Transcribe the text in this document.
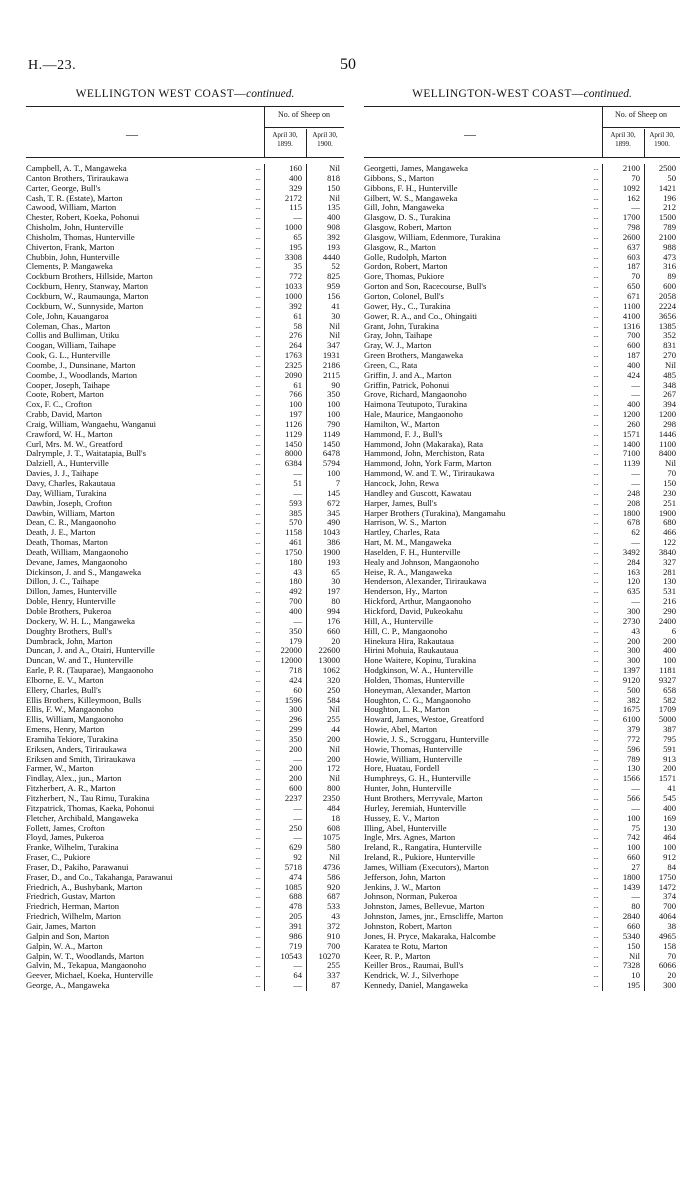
H.—23.	50
WELLINGTON WEST COAST—continued.
—
No. of Sheep on
April 30, 1899.
April 30, 1900.
Campbell, A. T., Mangaweka	...	160	Nil
Canton Brothers, Tiriraukawa	...	400	818
Carter, George, Bull's	...	329	150
Cash, T. R. (Estate), Marton	...	2172	Nil
Cawood, William, Marton	...	115	135
Chester, Robert, Koeka, Pohonui	...	—	400
Chisholm, John, Hunterville	...	1000	908
Chisholm, Thomas, Hunterville	...	65	392
Chiverton, Frank, Marton	...	195	193
Chubbin, John, Hunterville	...	3308	4440
Clements, P. Mangaweka	...	35	52
Cockburn Brothers, Hillside, Marton	...	772	825
Cockburn, Henry, Stanway, Marton	...	1033	959
Cockburn, W., Raumaunga, Marton	...	1000	156
Cockburn, W., Sunnyside, Marton	...	392	41
Cole, John, Kauangaroa	...	61	30
Coleman, Chas., Marton	...	58	Nil
Collis and Bulliman, Utiku	...	276	Nil
Coogan, William, Taihape	...	264	347
Cook, G. L., Hunterville	...	1763	1931
Coombe, J., Dunsinane, Marton	...	2325	2186
Coombe, J., Woodlands, Marton	...	2090	2115
Cooper, Joseph, Taihape	...	61	90
Coote, Robert, Marton	...	766	350
Cox, F. C., Crofton	...	100	100
Crabb, David, Marton	...	197	100
Craig, William, Wangaehu, Wanganui	...	1126	790
Crawford, W. H., Marton	...	1129	1149
Curl, Mrs. M. W., Greatford	...	1450	1450
Dalrymple, J. T., Waitatapia, Bull's	...	8000	6478
Dalziell, A., Hunterville	...	6384	5794
Davies, J. J., Taihape	...	—	100
Davy, Charles, Rakautaua	...	51	7
Day, William, Turakina	...	—	145
Dawbin, Joseph, Crofton	...	593	672
Dawbin, William, Marton	...	385	345
Dean, C. R., Mangaonoho	...	570	490
Death, J. E., Marton	...	1158	1043
Death, Thomas, Marton	...	461	386
Death, William, Mangaonoho	...	1750	1900
Devane, James, Mangaonoho	...	180	193
Dickinson, J. and S., Mangaweka	...	43	65
Dillon, J. C., Taihape	...	180	30
Dillon, James, Hunterville	...	492	197
Doble, Henry, Hunterville	...	700	80
Doble Brothers, Pukeroa	...	400	994
Dockery, W. H. L., Mangaweka	...	—	176
Doughty Brothers, Bull's	...	350	660
Dumbrack, John, Marton	...	179	20
Duncan, J. and A., Otairi, Hunterville	...	22000	22600
Duncan, W. and T., Hunterville	...	12000	13000
Earle, P. R. (Tauparae), Mangaonoho	...	718	1062
Elborne, E. V., Marton	...	424	320
Ellery, Charles, Bull's	...	60	250
Ellis Brothers, Killeymoon, Bulls	...	1596	584
Ellis, F. W., Mangaonoho	...	300	Nil
Ellis, William, Mangaonoho	...	296	255
Emens, Henry, Marton	...	299	44
Eramiha Tekiore, Turakina	...	350	200
Eriksen, Anders, Tiriraukawa	...	200	Nil
Eriksen and Smith, Tiriraukawa	...	—	200
Farmer, W., Marton	...	200	172
Findlay, Alex., jun., Marton	...	200	Nil
Fitzherbert, A. R., Marton	...	600	800
Fitzherbert, N., Tau Rimu, Turakina	...	2237	2350
Fitzpatrick, Thomas, Kaeka, Pohonui	...	—	484
Fletcher, Archibald, Mangaweka	...	—	18
Follett, James, Crofton	...	250	608
Floyd, James, Pukeroa	...	—	1075
Franke, Wilhelm, Turakina	...	629	580
Fraser, C., Pukiore	...	92	Nil
Fraser, D., Pakiho, Parawanui	...	5718	4736
Fraser, D., and Co., Takahanga, Parawanui	...	474	586
Friedrich, A., Bushybank, Marton	...	1085	920
Friedrich, Gustav, Marton	...	688	687
Friedrich, Herman, Marton	...	478	533
Friedrich, Wilhelm, Marton	...	205	43
Gair, James, Marton	...	391	372
Galpin and Son, Marton	...	986	910
Galpin, W. A., Marton	...	719	700
Galpin, W. T., Woodlands, Marton	...	10543	10270
Galvin, M., Tekapua, Mangaonoho	...	—	255
Geever, Michael, Koeka, Hunterville	...	64	337
George, A., Mangaweka	...	—	87
WELLINGTON-WEST COAST—continued.
—
No. of Sheep on
April 30, 1899.
April 30, 1900.
Georgetti, James, Mangaweka	...	2100	2500
Gibbons, S., Marton	...	70	50
Gibbons, F. H., Hunterville	...	1092	1421
Gilbert, W. S., Mangaweka	...	162	196
Gill, John, Mangaweka	...	—	212
Glasgow, D. S., Turakina	...	1700	1500
Glasgow, Robert, Marton	...	798	789
Glasgow, William, Edenmore, Turakina	...	2600	2100
Glasgow, R., Marton	...	637	988
Golle, Rudolph, Marton	...	603	473
Gordon, Robert, Marton	...	187	316
Gore, Thomas, Pukiore	...	70	89
Gorton and Son, Racecourse, Bull's	...	650	600
Gorton, Colonel, Bull's	...	671	2058
Gower, Hy., C., Turakina	...	1100	2224
Gower, R. A., and Co., Ohingaiti	...	4100	3656
Grant, John, Turakina	...	1316	1385
Gray, John, Taihape	...	700	352
Gray, W. J., Marton	...	600	831
Green Brothers, Mangaweka	...	187	270
Green, C., Rata	...	400	Nil
Griffin, J. and A., Marton	...	424	485
Griffin, Patrick, Pohonui	...	—	348
Grove, Richard, Mangaonoho	...	—	267
Haimona Teutupoto, Turakina	...	400	394
Hale, Maurice, Mangaonoho	...	1200	1200
Hamilton, W., Marton	...	260	298
Hammond, F. J., Bull's	...	1571	1446
Hammond, John (Makaraka), Rata	...	1400	1100
Hammond, John, Merchiston, Rata	...	7100	8400
Hammond, John, York Farm, Marton	...	1139	Nil
Hammond, W. and T. W., Tiriraukawa	...	—	70
Hancock, John, Rewa	...	—	150
Handley and Guscott, Kawatau	...	248	230
Harper, James, Bull's	...	208	251
Harper Brothers (Turakina), Mangamahu	...	1800	1900
Harrison, W. S., Marton	...	678	680
Hartley, Charles, Rata	...	62	466
Hart, M. M., Mangaweka	...	—	122
Haselden, F. H., Hunterville	...	3492	3840
Healy and Johnson, Mangaonoho	...	284	327
Heise, R. A., Mangaweka	...	163	281
Henderson, Alexander, Tiriraukawa	...	120	130
Henderson, Hy., Marton	...	635	531
Hickford, Arthur, Mangaonoho	...	—	216
Hickford, David, Pukeokahu	...	300	290
Hill, A., Hunterville	...	2730	2400
Hill, C. P., Mangaonoho	...	43	6
Hinekura Hira, Rakautaua	...	200	200
Hirini Mohuia, Raukautaua	...	300	400
Hone Waitere, Kopinu, Turakina	...	300	100
Hodgkinson, W. A., Hunterville	...	1397	1181
Holden, Thomas, Hunterville	...	9120	9327
Honeyman, Alexander, Marton	...	500	658
Houghton, C. G., Mangaonoho	...	382	582
Houghton, L. R., Marton	...	1675	1709
Howard, James, Westoe, Greatford	...	6100	5000
Howie, Abel, Marton	...	379	387
Howie, J. S., Scroggaru, Hunterville	...	772	795
Howie, Thomas, Hunterville	...	596	591
Howie, William, Hunterville	...	789	913
Hore, Huatau, Fordell	...	130	200
Humphreys, G. H., Hunterville	...	1566	1571
Hunter, John, Hunterville	...	—	41
Hunt Brothers, Merryvale, Marton	...	566	545
Hurley, Jeremiah, Hunterville	...	—	400
Hussey, E. V., Marton	...	100	169
Illing, Abel, Hunterville	...	75	130
Ingle, Mrs. Agnes, Marton	...	742	464
Ireland, R., Rangatira, Hunterville	...	100	100
Ireland, R., Pukiore, Hunterville	...	660	912
James, William (Executors), Marton	...	27	84
Jefferson, John, Marton	...	1800	1750
Jenkins, J. W., Marton	...	1439	1472
Johnson, Norman, Pukeroa	...	—	374
Johnston, James, Bellevue, Marton	...	80	700
Johnston, James, jnr., Ernscliffe, Marton	...	2840	4064
Johnston, Robert, Marton	...	660	38
Jones, H. Pryce, Makaraka, Halcombe	...	5340	4965
Karatea te Rotu, Marton	...	150	158
Keer, R. P., Marton	...	Nil	70
Keiller Bros., Raumai, Bull's	...	7328	6066
Kendrick, W. J., Silverhope	...	10	20
Kennedy, Daniel, Mangaweka	...	195	300
